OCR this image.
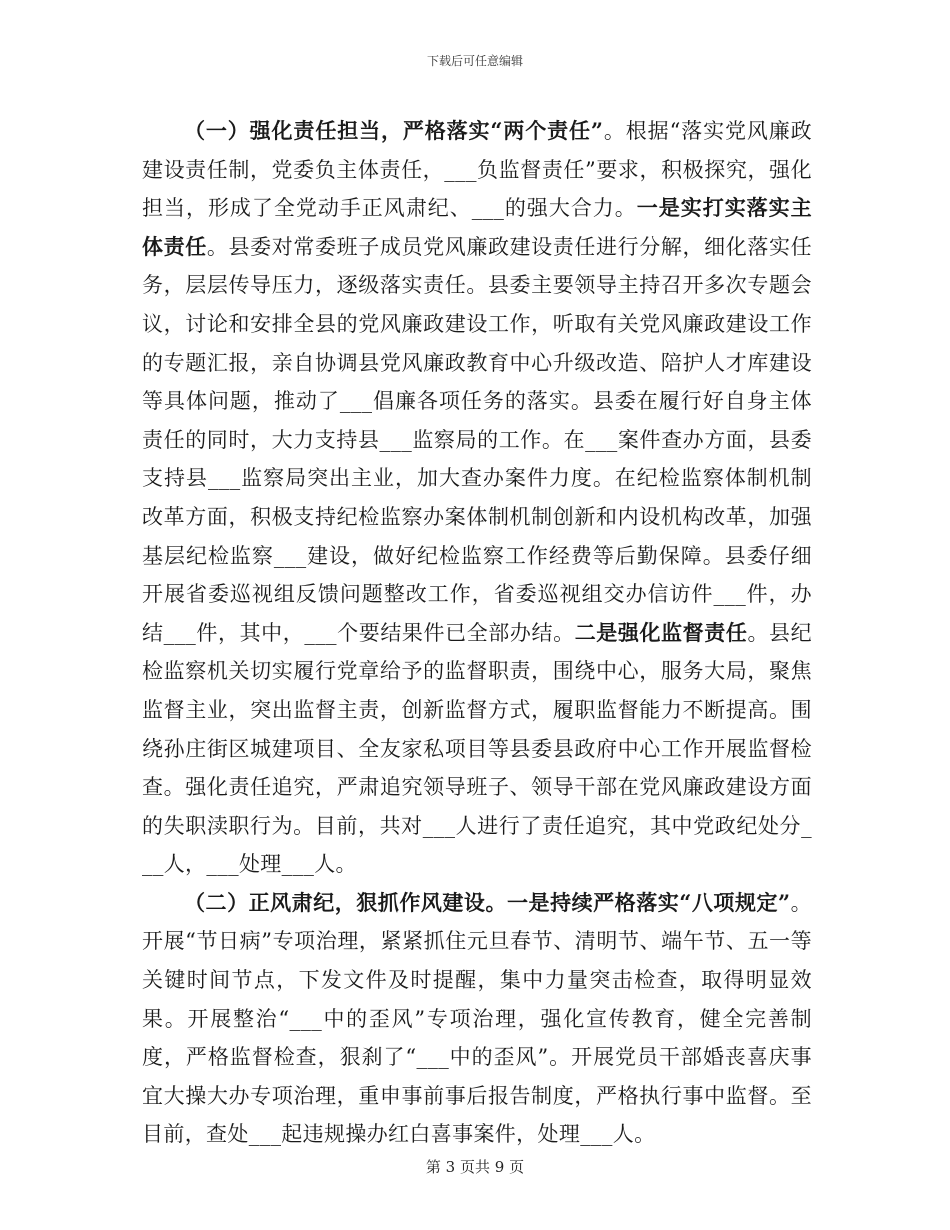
下载后可任意编辑

（一）强化责任担当，严格落实“两个责任”。根据“落实党风廉政建设责任制，党委负主体责任，___负监督责任”要求，积极探究，强化担当，形成了全党动手正风肃纪、___的强大合力。一是实打实落实主体责任。县委对常委班子成员党风廉政建设责任进行分解，细化落实任务，层层传导压力，逐级落实责任。县委主要领导主持召开多次专题会议，讨论和安排全县的党风廉政建设工作，听取有关党风廉政建设工作的专题汇报，亲自协调县党风廉政教育中心升级改造、陪护人才库建设等具体问题，推动了___倡廉各项任务的落实。县委在履行好自身主体责任的同时，大力支持县___监察局的工作。在___案件查办方面，县委支持县___监察局突出主业，加大查办案件力度。在纪检监察体制机制改革方面，积极支持纪检监察办案体制机制创新和内设机构改革，加强基层纪检监察___建设，做好纪检监察工作经费等后勤保障。县委仔细开展省委巡视组反馈问题整改工作，省委巡视组交办信访件___件，办结___件，其中，___个要结果件已全部办结。二是强化监督责任。县纪检监察机关切实履行党章给予的监督职责，围绕中心，服务大局，聚焦监督主业，突出监督主责，创新监督方式，履职监督能力不断提高。围绕孙庄街区城建项目、全友家私项目等县委县政府中心工作开展监督检查。强化责任追究，严肃追究领导班子、领导干部在党风廉政建设方面的失职渎职行为。目前，共对___人进行了责任追究，其中党政纪处分___人，___处理___人。

（二）正风肃纪，狠抓作风建设。一是持续严格落实“八项规定”。开展“节日病”专项治理，紧紧抓住元旦春节、清明节、端午节、五一等关键时间节点，下发文件及时提醒，集中力量突击检查，取得明显效果。开展整治“___中的歪风”专项治理，强化宣传教育，健全完善制度，严格监督检查，狠刹了“___中的歪风”。开展党员干部婚丧喜庆事宜大操大办专项治理，重申事前事后报告制度，严格执行事中监督。至目前，查处___起违规操办红白喜事案件，处理___人。

第 3 页共 9 页
